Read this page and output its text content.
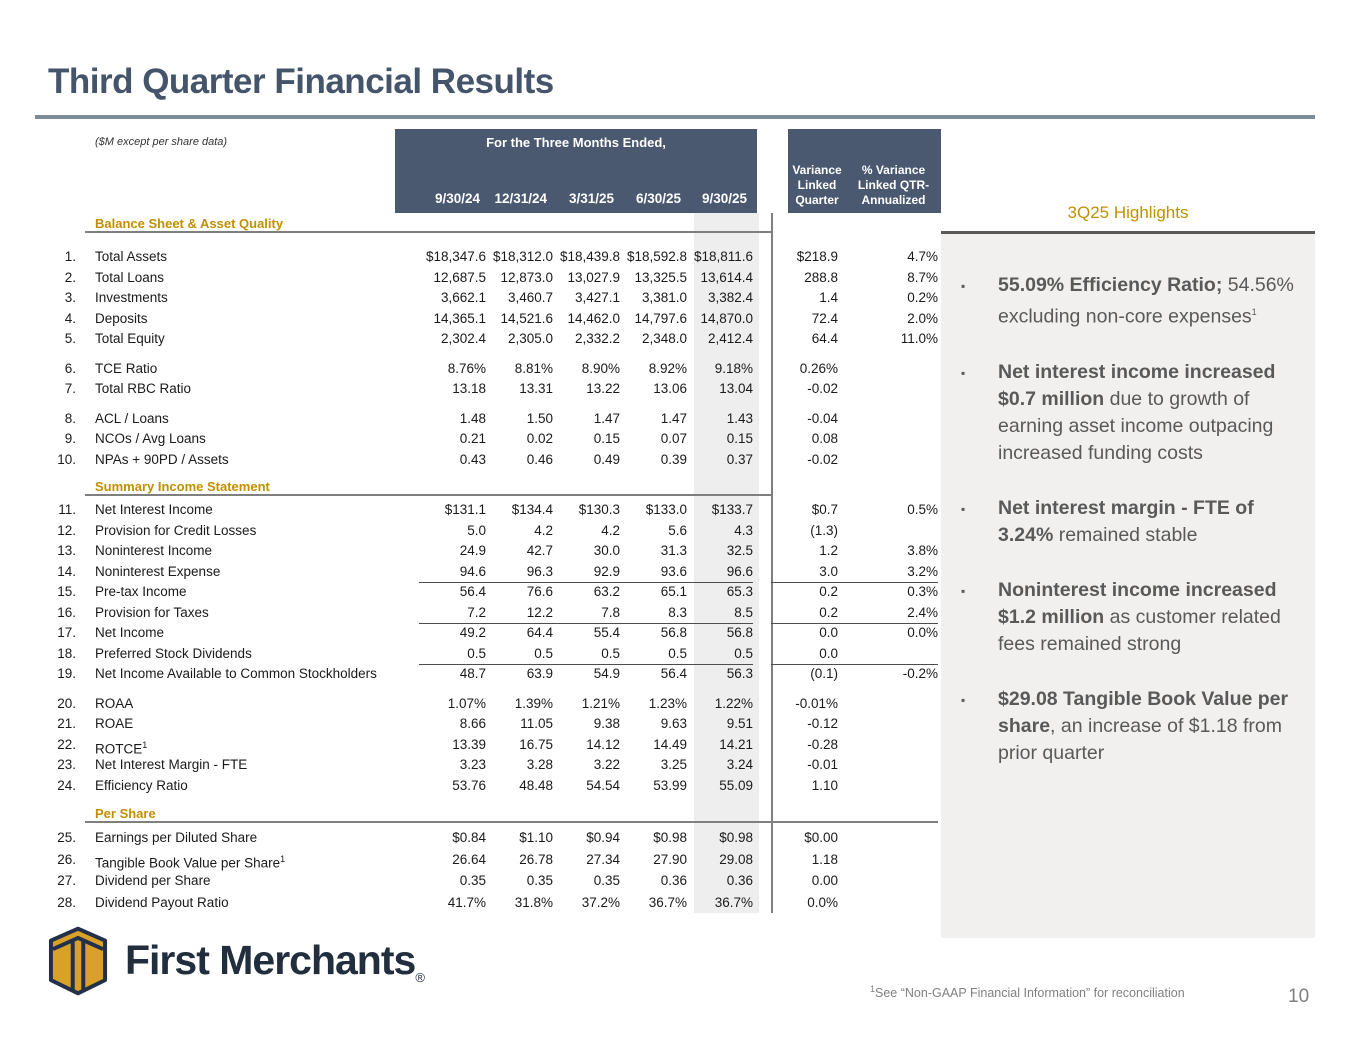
Third Quarter Financial Results
($M except per share data)	For the Three Months Ended,
Variance
Linked
Quarter
% Variance
Linked QTR-
Annualized
9/30/24	12/31/24	3/31/25	6/30/25	9/30/25
Balance Sheet & Asset Quality
1.	Total Assets	$18,347.6 $18,312.0 $18,439.8 $18,592.8 $18,811.6	$218.9	4.7%
2.	Total Loans	12,687.5	12,873.0	13,027.9	13,325.5 13,614.4	288.8	8.7%
3.	Investments	3,662.1	3,460.7	3,427.1	3,381.0	3,382.4	1.4	0.2%
4.	Deposits	14,365.1	14,521.6	14,462.0	14,797.6 14,870.0	72.4	2.0%
5.	Total Equity	2,302.4	2,305.0	2,332.2	2,348.0	2,412.4	64.4	11.0%
6.	TCE Ratio	8.76%	8.81%	8.90%	8.92%	9.18%	0.26%
7.	Total RBC Ratio	13.18	13.31	13.22	13.06	13.04	-0.02
8.	ACL / Loans	1.48	1.50	1.47	1.47	1.43	-0.04
9.	NCOs / Avg Loans	0.21	0.02	0.15	0.07	0.15	0.08
10.	NPAs + 90PD / Assets	0.43	0.46	0.49	0.39	0.37	-0.02
Summary Income Statement
11.	Net Interest Income	$131.1	$134.4	$130.3	$133.0	$133.7	$0.7	0.5%
12.	Provision for Credit Losses	5.0	4.2	4.2	5.6	4.3	(1.3)
13.	Noninterest Income	24.9	42.7	30.0	31.3	32.5	1.2	3.8%
14.	Noninterest Expense	94.6	96.3	92.9	93.6	96.6	3.0	3.2%
15.	Pre-tax Income	56.4	76.6	63.2	65.1	65.3	0.2	0.3%
16.	Provision for Taxes	7.2	12.2	7.8	8.3	8.5	0.2	2.4%
17.	Net Income	49.2	64.4	55.4	56.8	56.8	0.0	0.0%
18.	Preferred Stock Dividends	0.5	0.5	0.5	0.5	0.5	0.0
19.	Net Income Available to Common Stockholders	48.7	63.9	54.9	56.4	56.3	(0.1)	-0.2%
20.	ROAA	1.07%	1.39%	1.21%	1.23%	1.22%	-0.01%
21.	ROAE	8.66	11.05	9.38	9.63	9.51	-0.12
22.	ROTCE$^1$	13.39	16.75	14.12	14.49	14.21	-0.28
23.	Net Interest Margin - FTE	3.23	3.28	3.22	3.25	3.24	-0.01
24.	Efficiency Ratio	53.76	48.48	54.54	53.99	55.09	1.10
Per Share
25.	Earnings per Diluted Share	$0.84	$1.10	$0.94	$0.98	$0.98	$0.00
26.	Tangible Book Value per Share$^1$	26.64	26.78	27.34	27.90	29.08	1.18
27.	Dividend per Share	0.35	0.35	0.35	0.36	0.36	0.00
28.	Dividend Payout Ratio	41.7%	31.8%	37.2%	36.7%	36.7%	0.0%
3Q25 Highlights
▪	55.09% Efficiency Ratio; 54.56% excluding non-core expenses$^1$
▪	Net interest income increased $0.7 million due to growth of earning asset income outpacing increased funding costs
▪	Net interest margin - FTE of 3.24% remained stable
▪	Noninterest income increased $1.2 million as customer related fees remained strong
▪	$29.08 Tangible Book Value per share, an increase of $1.18 from prior quarter
First Merchants®
$^1$See “Non-GAAP Financial Information” for reconciliation	10
